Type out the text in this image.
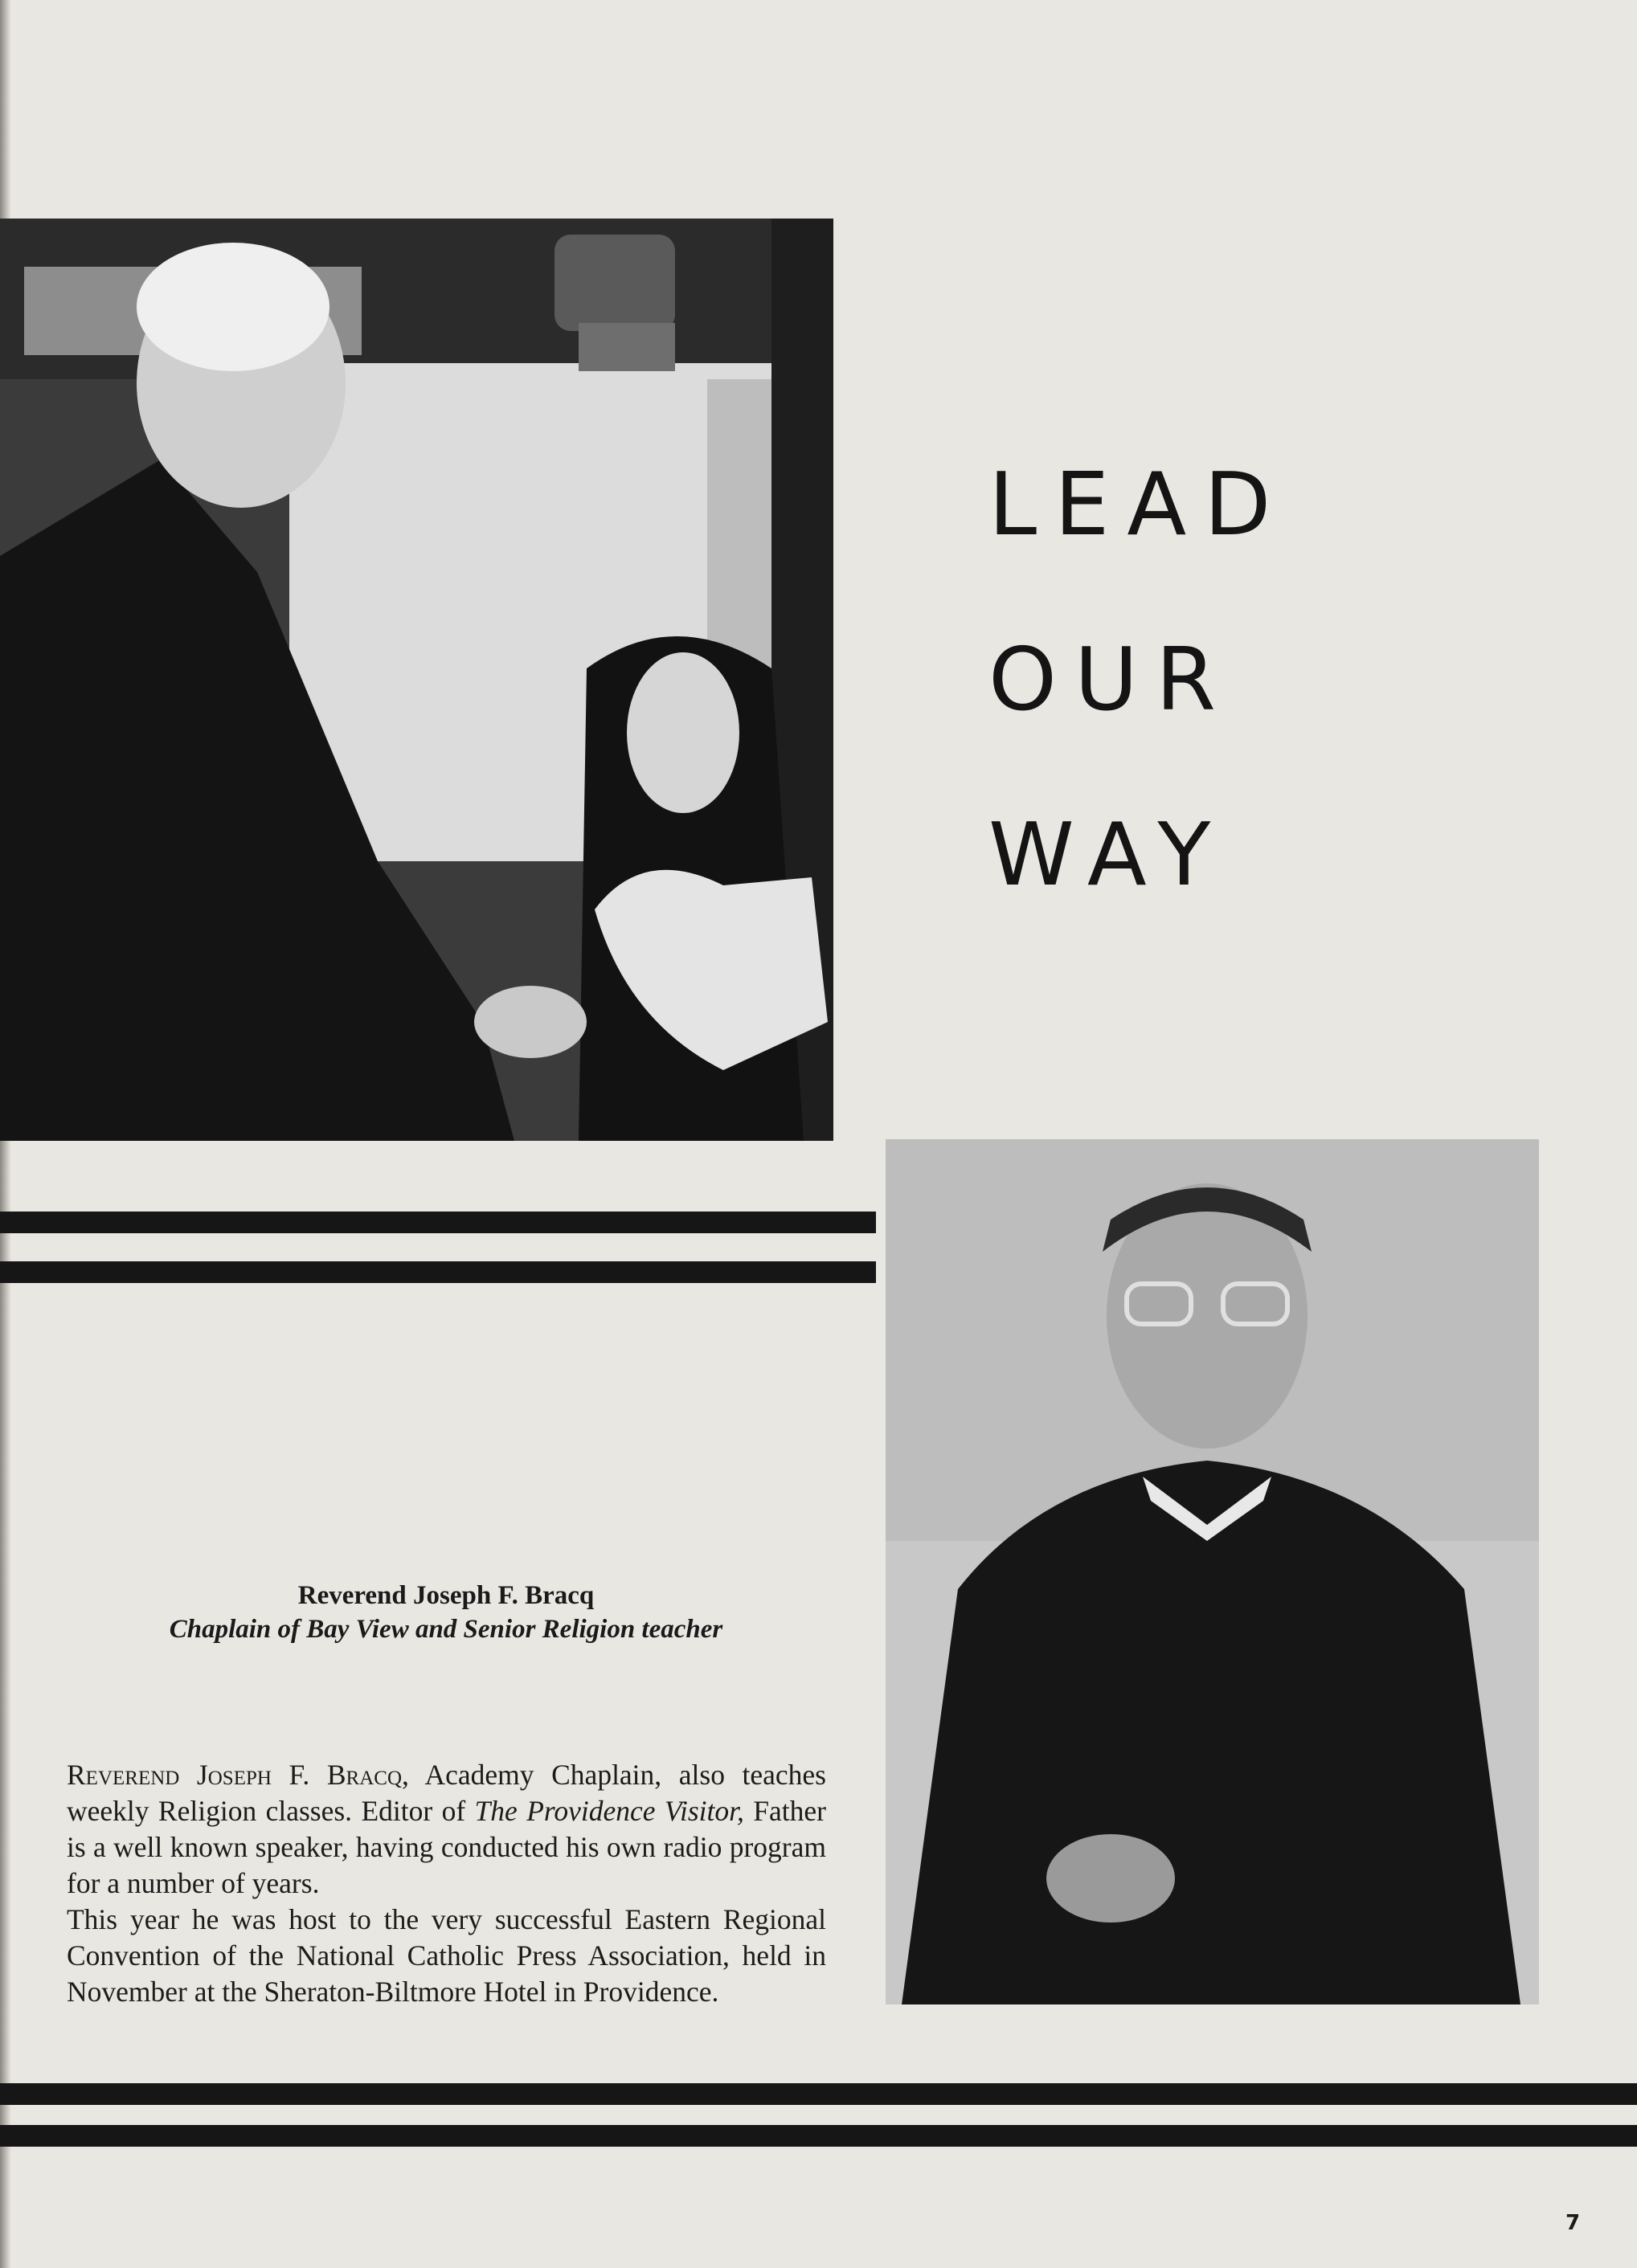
LEAD
OUR
WAY
Reverend Joseph F. Bracq
Chaplain of Bay View and Senior Religion teacher

Reverend Joseph F. Bracq, Academy Chaplain, also teaches weekly Religion classes. Editor of The Providence Visitor, Father is a well known speaker, having conducted his own radio program for a number of years.

This year he was host to the very successful Eastern Regional Convention of the National Catholic Press Association, held in November at the Sheraton-Biltmore Hotel in Providence.

7
